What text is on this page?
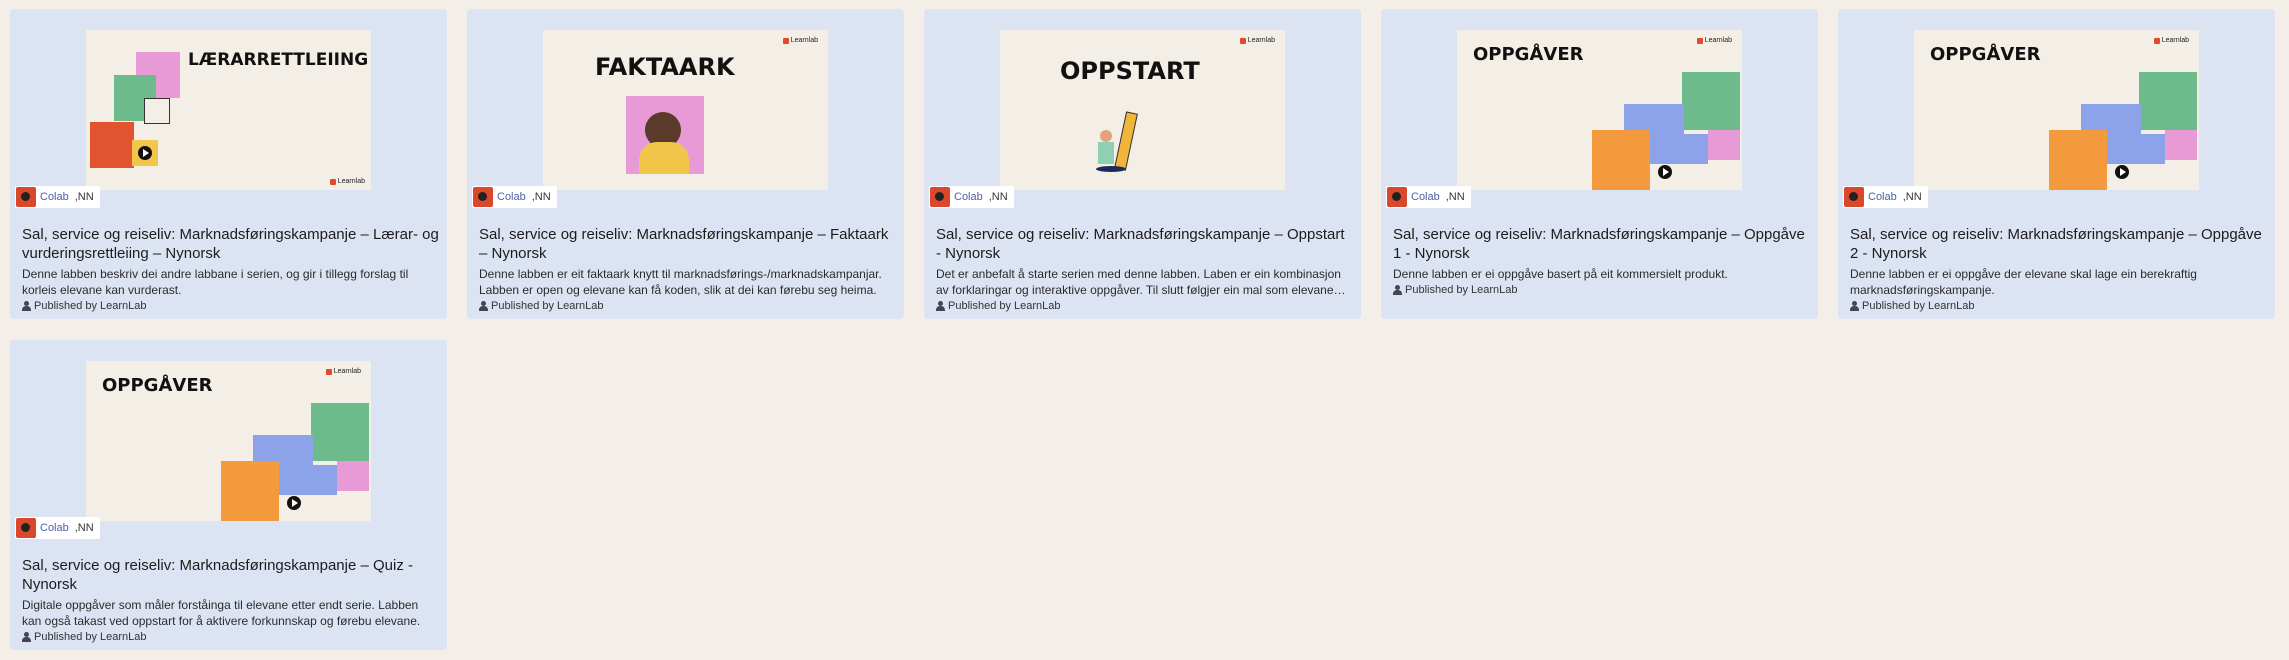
LÆRARRETTLEIING
Learnlab
Colab ,NN

Sal, service og reiseliv: Marknadsføringskampanje – Lærar- og vurderingsrettleiing – Nynorsk

Denne labben beskriv dei andre labbane i serien, og gir i tillegg forslag til korleis elevane kan vurderast.

Published by LearnLab
FAKTAARK
Learnlab
Colab ,NN

Sal, service og reiseliv: Marknadsføringskampanje – Faktaark – Nynorsk

Denne labben er eit faktaark knytt til marknadsførings-/marknadskampanjar. Labben er open og elevane kan få koden, slik at dei kan førebu seg heima.

Published by LearnLab
OPPSTART
Learnlab
Colab ,NN

Sal, service og reiseliv: Marknadsføringskampanje – Oppstart - Nynorsk

Det er anbefalt å starte serien med denne labben. Laben er ein kombinasjon av forklaringar og interaktive oppgåver. Til slutt følgjer ein mal som elevane

Published by LearnLab
OPPGÅVER
Learnlab
Colab ,NN

Sal, service og reiseliv: Marknadsføringskampanje – Oppgåve 1 - Nynorsk

Denne labben er ei oppgåve basert på eit kommersielt produkt.

Published by LearnLab
OPPGÅVER
Learnlab
Colab ,NN

Sal, service og reiseliv: Marknadsføringskampanje – Oppgåve 2 - Nynorsk

Denne labben er ei oppgåve der elevane skal lage ein berekraftig marknadsføringskampanje.

Published by LearnLab
OPPGÅVER
Learnlab
Colab ,NN

Sal, service og reiseliv: Marknadsføringskampanje – Quiz - Nynorsk

Digitale oppgåver som måler forståinga til elevane etter endt serie. Labben kan også takast ved oppstart for å aktivere forkunnskap og førebu elevane.

Published by LearnLab
